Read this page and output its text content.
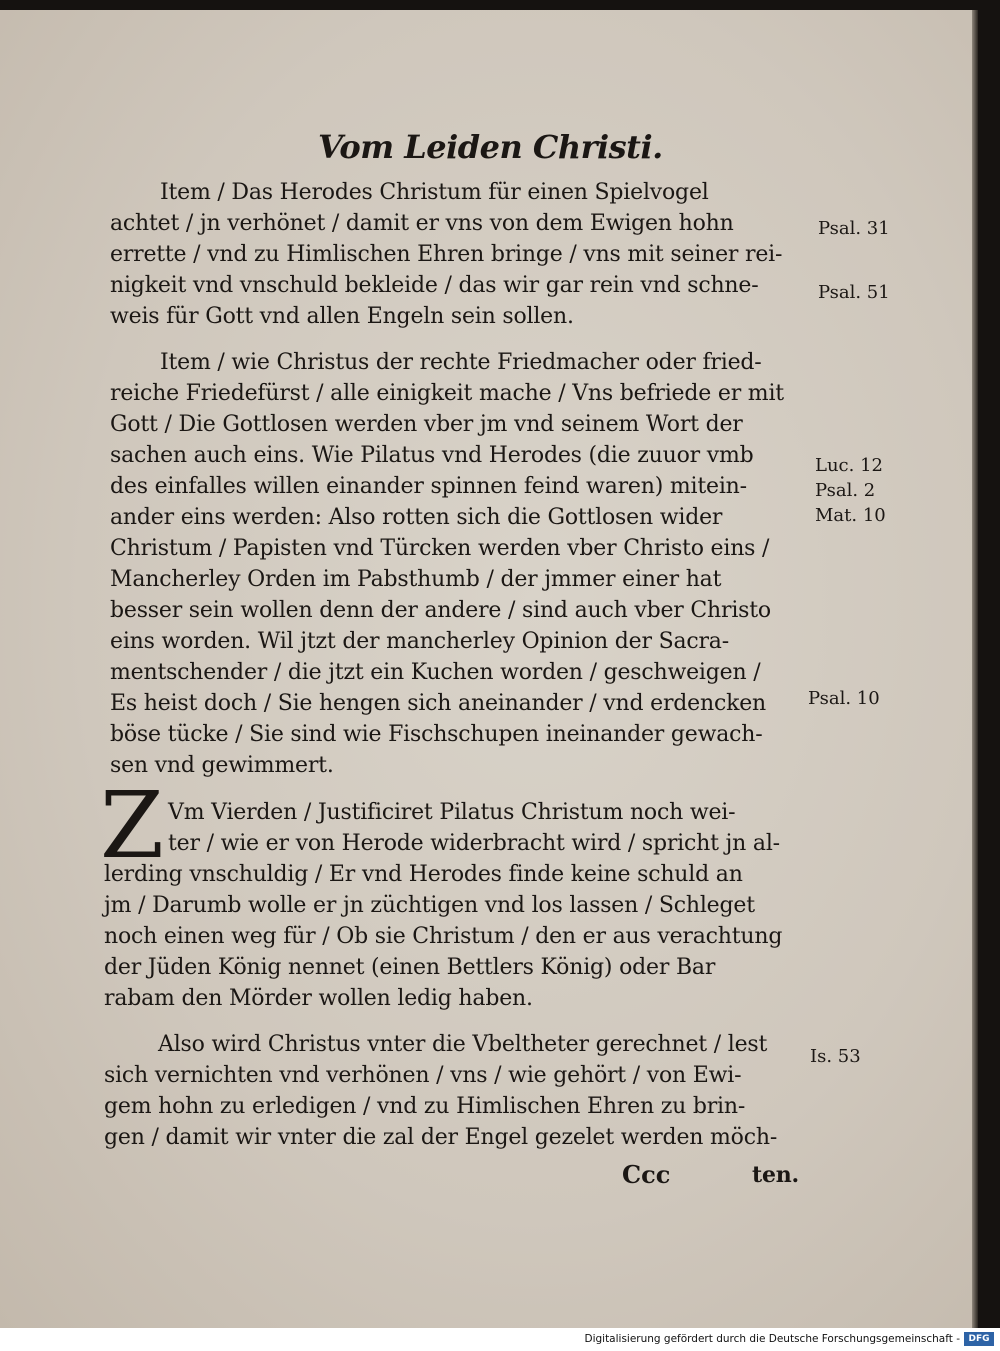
Vom Leiden Christi.
Item / Das Herodes Christum für einen Spielvogel
achtet / jn verhönet / damit er vns von dem Ewigen hohn
errette / vnd zu Himlischen Ehren bringe / vns mit seiner rei-
nigkeit vnd vnschuld bekleide / das wir gar rein vnd schne-
weis für Gott vnd allen Engeln sein sollen.
Item / wie Christus der rechte Friedmacher oder fried-
reiche Friedefürst / alle einigkeit mache / Vns befriede er mit
Gott / Die Gottlosen werden vber jm vnd seinem Wort der
sachen auch eins. Wie Pilatus vnd Herodes (die zuuor vmb
des einfalles willen einander spinnen feind waren) mitein-
ander eins werden: Also rotten sich die Gottlosen wider
Christum / Papisten vnd Türcken werden vber Christo eins /
Mancherley Orden im Pabsthumb / der jmmer einer hat
besser sein wollen denn der andere / sind auch vber Christo
eins worden. Wil jtzt der mancherley Opinion der Sacra-
mentschender / die jtzt ein Kuchen worden / geschweigen /
Es heist doch / Sie hengen sich aneinander / vnd erdencken
böse tücke / Sie sind wie Fischschupen ineinander gewach-
sen vnd gewimmert.
Z Vm Vierden / Justificiret Pilatus Christum noch wei-
ter / wie er von Herode widerbracht wird / spricht jn al-
lerding vnschuldig / Er vnd Herodes finde keine schuld an
jm / Darumb wolle er jn züchtigen vnd los lassen / Schleget
noch einen weg für / Ob sie Christum / den er aus verachtung
der Jüden König nennet (einen Bettlers König) oder Bar
rabam den Mörder wollen ledig haben.
Also wird Christus vnter die Vbeltheter gerechnet / lest
sich vernichten vnd verhönen / vns / wie gehört / von Ewi-
gem hohn zu erledigen / vnd zu Himlischen Ehren zu brin-
gen / damit wir vnter die zal der Engel gezelet werden möch-
Ccc	ten.
Psal. 31
Psal. 51
Luc. 12
Psal. 2
Mat. 10
Psal. 10
Is. 53
Digitalisierung gefördert durch die Deutsche Forschungsgemeinschaft - DFG
